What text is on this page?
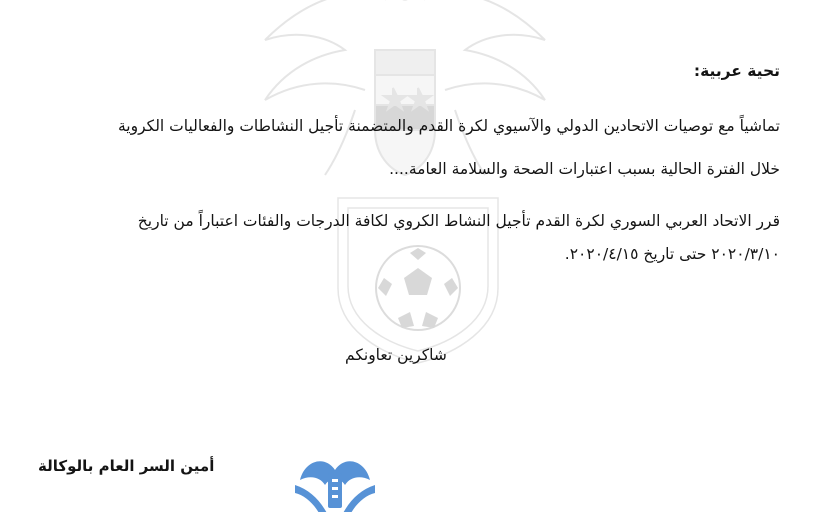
تحية عربية:
تماشياً مع توصيات الاتحادين الدولي والآسيوي لكرة القدم والمتضمنة تأجيل النشاطات والفعاليات الكروية
خلال الفترة الحالية بسبب اعتبارات الصحة والسلامة العامة....
قرر الاتحاد العربي السوري لكرة القدم تأجيل النشاط الكروي لكافة الدرجات والفئات اعتباراً من تاريخ
٢٠٢٠/٣/١٠ حتى تاريخ ٢٠٢٠/٤/١٥.
شاكرين تعاونكم
أمين السر العام بالوكالة
